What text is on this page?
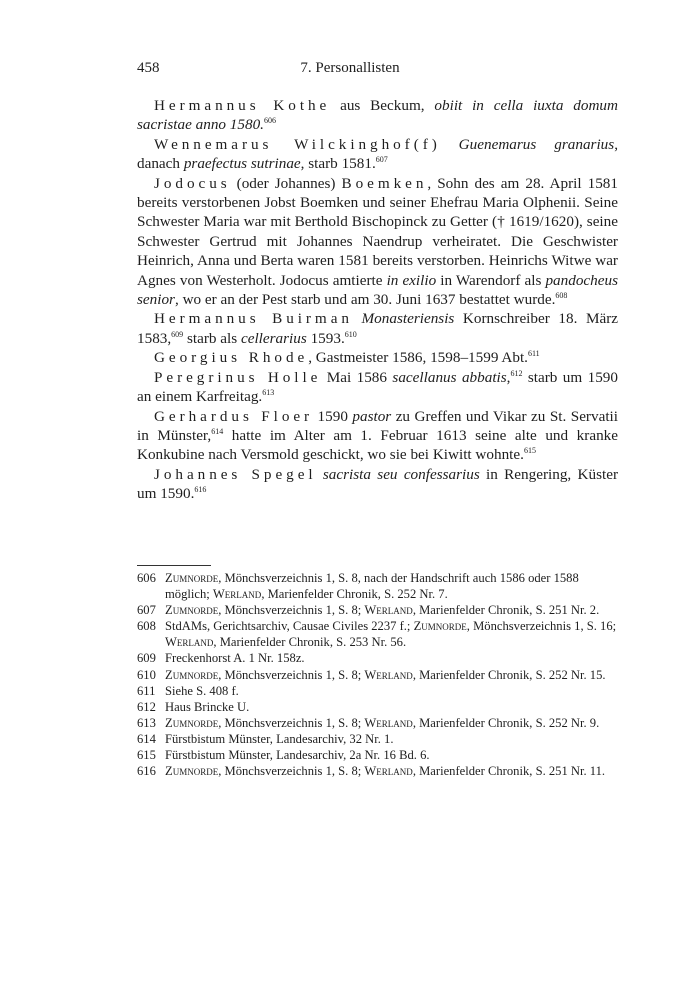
458	7. Personallisten

Hermannus Kothe aus Beckum, obiit in cella iuxta domum sacristae anno 1580.$^{606}$

Wennemarus Wilckinghof(f) Guenemarus granarius, danach praefectus sutrinae, starb 1581.$^{607}$

Jodocus (oder Johannes) Boemken, Sohn des am 28. April 1581 bereits verstorbenen Jobst Boemken und seiner Ehefrau Maria Olphenii. Seine Schwester Maria war mit Berthold Bischopinck zu Getter († 1619/1620), seine Schwester Gertrud mit Johannes Naendrup verheiratet. Die Geschwister Heinrich, Anna und Berta waren 1581 bereits verstorben. Heinrichs Witwe war Agnes von Westerholt. Jodocus amtierte in exilio in Warendorf als pandocheus senior, wo er an der Pest starb und am 30. Juni 1637 bestattet wurde.$^{608}$

Hermannus Buirman Monasteriensis Kornschreiber 18. März 1583,$^{609}$ starb als cellerarius 1593.$^{610}$

Georgius Rhode, Gastmeister 1586, 1598–1599 Abt.$^{611}$

Peregrinus Holle Mai 1586 sacellanus abbatis,$^{612}$ starb um 1590 an einem Karfreitag.$^{613}$

Gerhardus Floer 1590 pastor zu Greffen und Vikar zu St. Servatii in Münster,$^{614}$ hatte im Alter am 1. Februar 1613 seine alte und kranke Konkubine nach Versmold geschickt, wo sie bei Kiwitt wohnte.$^{615}$

Johannes Spegel sacrista seu confessarius in Rengering, Küster um 1590.$^{616}$

606 Zumnorde, Mönchsverzeichnis 1, S. 8, nach der Handschrift auch 1586 oder 1588 möglich; Werland, Marienfelder Chronik, S. 252 Nr. 7.

607 Zumnorde, Mönchsverzeichnis 1, S. 8; Werland, Marienfelder Chronik, S. 251 Nr. 2.

608 StdAMs, Gerichtsarchiv, Causae Civiles 2237 f.; Zumnorde, Mönchsverzeichnis 1, S. 16; Werland, Marienfelder Chronik, S. 253 Nr. 56.

609 Freckenhorst A. 1 Nr. 158z.

610 Zumnorde, Mönchsverzeichnis 1, S. 8; Werland, Marienfelder Chronik, S. 252 Nr. 15.

611 Siehe S. 408 f.

612 Haus Brincke U.

613 Zumnorde, Mönchsverzeichnis 1, S. 8; Werland, Marienfelder Chronik, S. 252 Nr. 9.

614 Fürstbistum Münster, Landesarchiv, 32 Nr. 1.

615 Fürstbistum Münster, Landesarchiv, 2a Nr. 16 Bd. 6.

616 Zumnorde, Mönchsverzeichnis 1, S. 8; Werland, Marienfelder Chronik, S. 251 Nr. 11.
